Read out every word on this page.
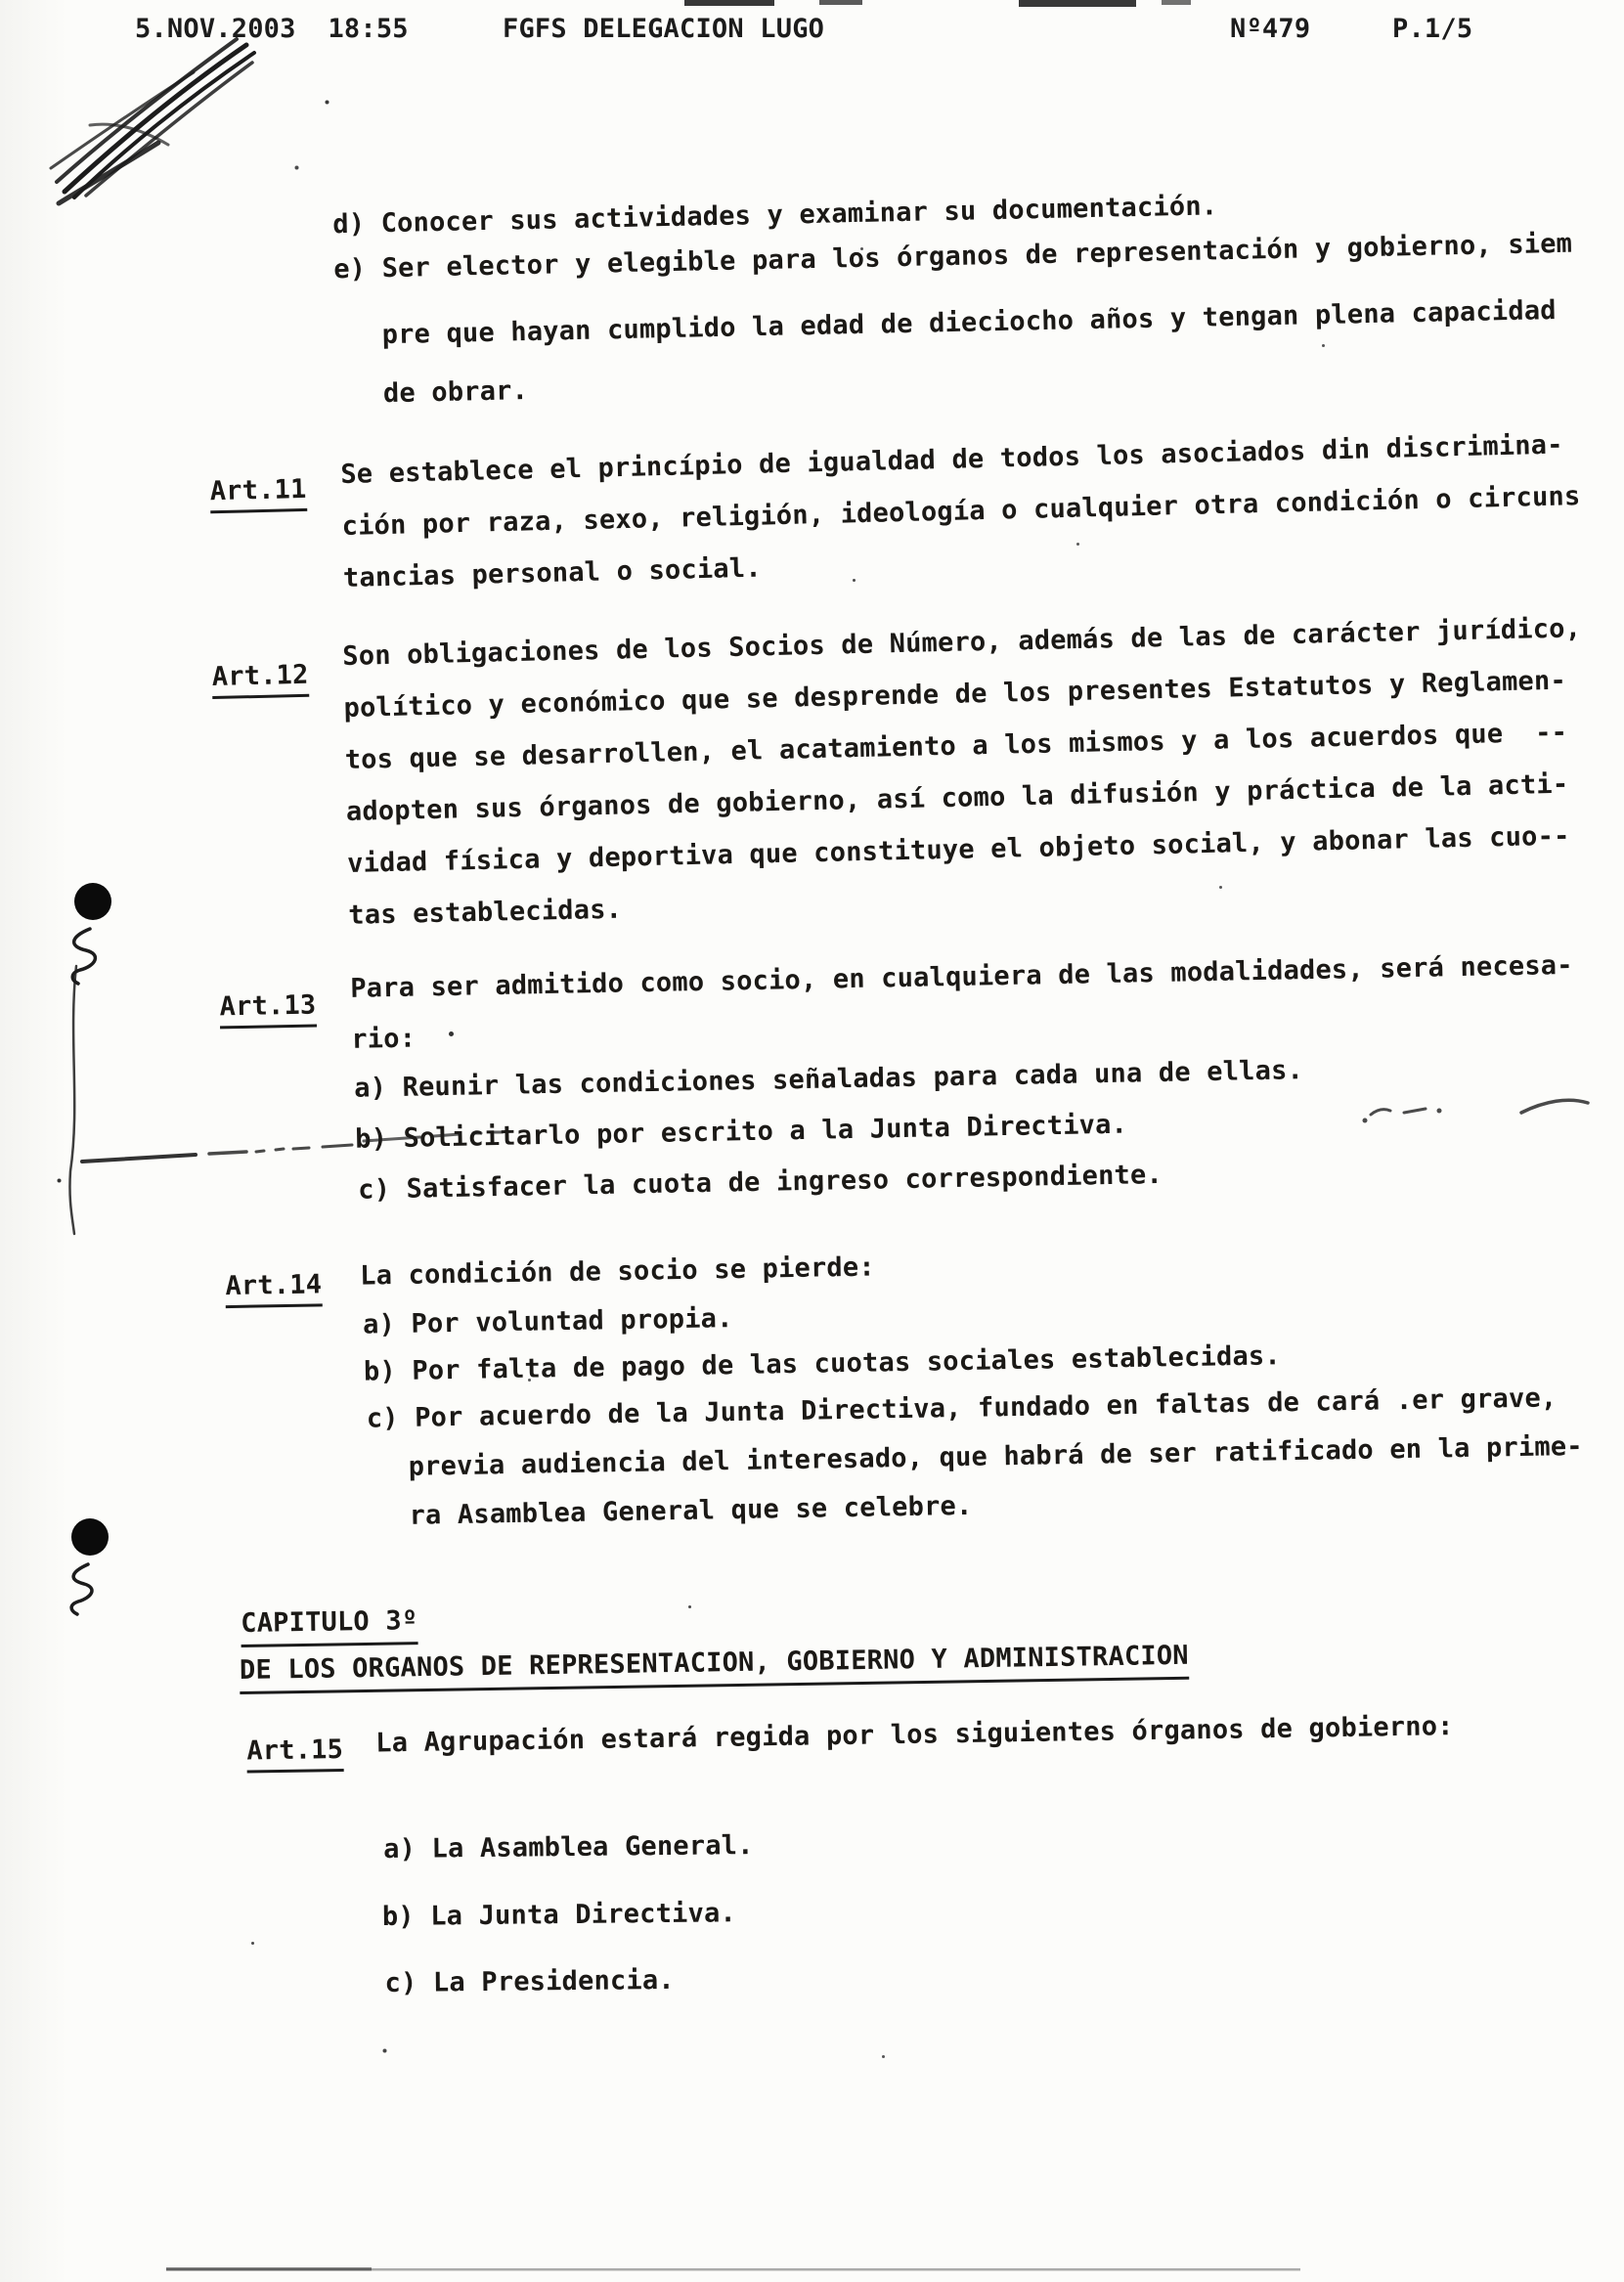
5.NOV.2003  18:55	FGFS DELEGACION LUGO	Nº479	P.1/5
d) Conocer sus actividades y examinar su documentación.
e) Ser elector y elegible para los órganos de representación y gobierno, siem
pre que hayan cumplido la edad de dieciocho años y tengan plena capacidad
de obrar.
Art.11
Se establece el princípio de igualdad de todos los asociados din discrimina-
ción por raza, sexo, religión, ideología o cualquier otra condición o circuns
tancias personal o social.
Art.12
Son obligaciones de los Socios de Número, además de las de carácter jurídico,
político y económico que se desprende de los presentes Estatutos y Reglamen-
tos que se desarrollen, el acatamiento a los mismos y a los acuerdos que  --
adopten sus órganos de gobierno, así como la difusión y práctica de la acti-
vidad física y deportiva que constituye el objeto social, y abonar las cuo--
tas establecidas.
Art.13
Para ser admitido como socio, en cualquiera de las modalidades, será necesa-
rio:
a) Reunir las condiciones señaladas para cada una de ellas.
b) Solicitarlo por escrito a la Junta Directiva.
c) Satisfacer la cuota de ingreso correspondiente.
Art.14 La condición de socio se pierde:
a) Por voluntad propia.
b) Por falta de pago de las cuotas sociales establecidas.
c) Por acuerdo de la Junta Directiva, fundado en faltas de cará .er grave,
previa audiencia del interesado, que habrá de ser ratificado en la prime-
ra Asamblea General que se celebre.
CAPITULO 3º
DE LOS ORGANOS DE REPRESENTACION, GOBIERNO Y ADMINISTRACION
Art.15 La Agrupación estará regida por los siguientes órganos de gobierno:
a) La Asamblea General.
b) La Junta Directiva.
c) La Presidencia.
